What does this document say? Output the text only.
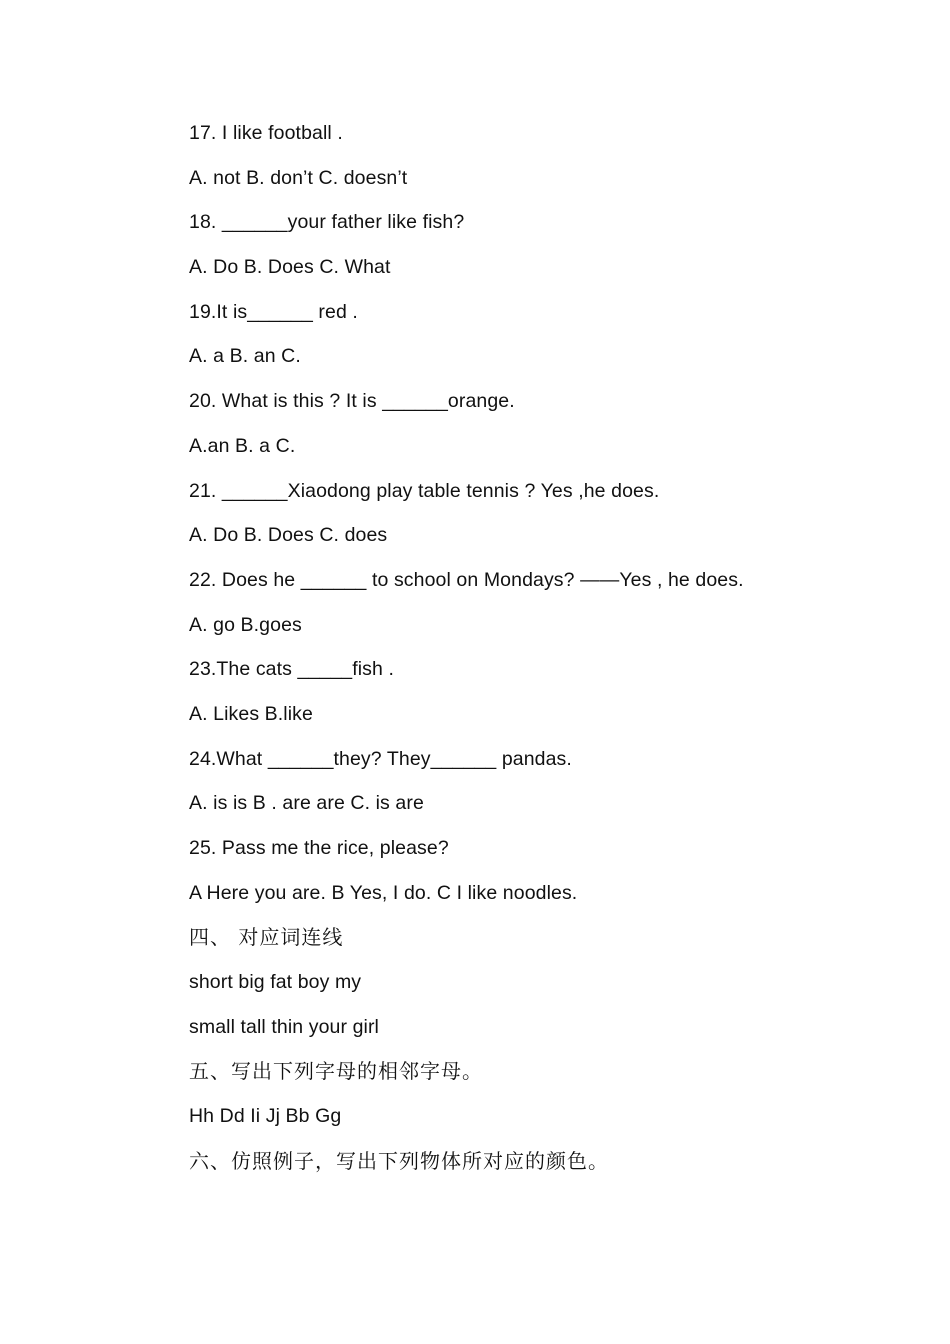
17. I like football .
A. not B. don’t C. doesn’t
18. ______your father like fish?
A. Do B. Does C. What
19.It is______ red .
A. a B. an C.
20. What is this ? It is ______orange.
A.an B. a C.
21. ______Xiaodong play table tennis ? Yes ,he does.
A. Do B. Does C. does
22. Does he ______ to school on Mondays? ——Yes , he does.
A. go B.goes
23.The cats _____fish .
A. Likes B.like
24.What ______they? They______ pandas.
A. is is B . are are C. is are
25. Pass me the rice, please?
A Here you are. B Yes, I do. C I like noodles.
四、 对应词连线
short big fat boy my
small tall thin your girl
五、写出下列字母的相邻字母。
Hh Dd Ii Jj Bb Gg
六、仿照例子，写出下列物体所对应的颜色。
